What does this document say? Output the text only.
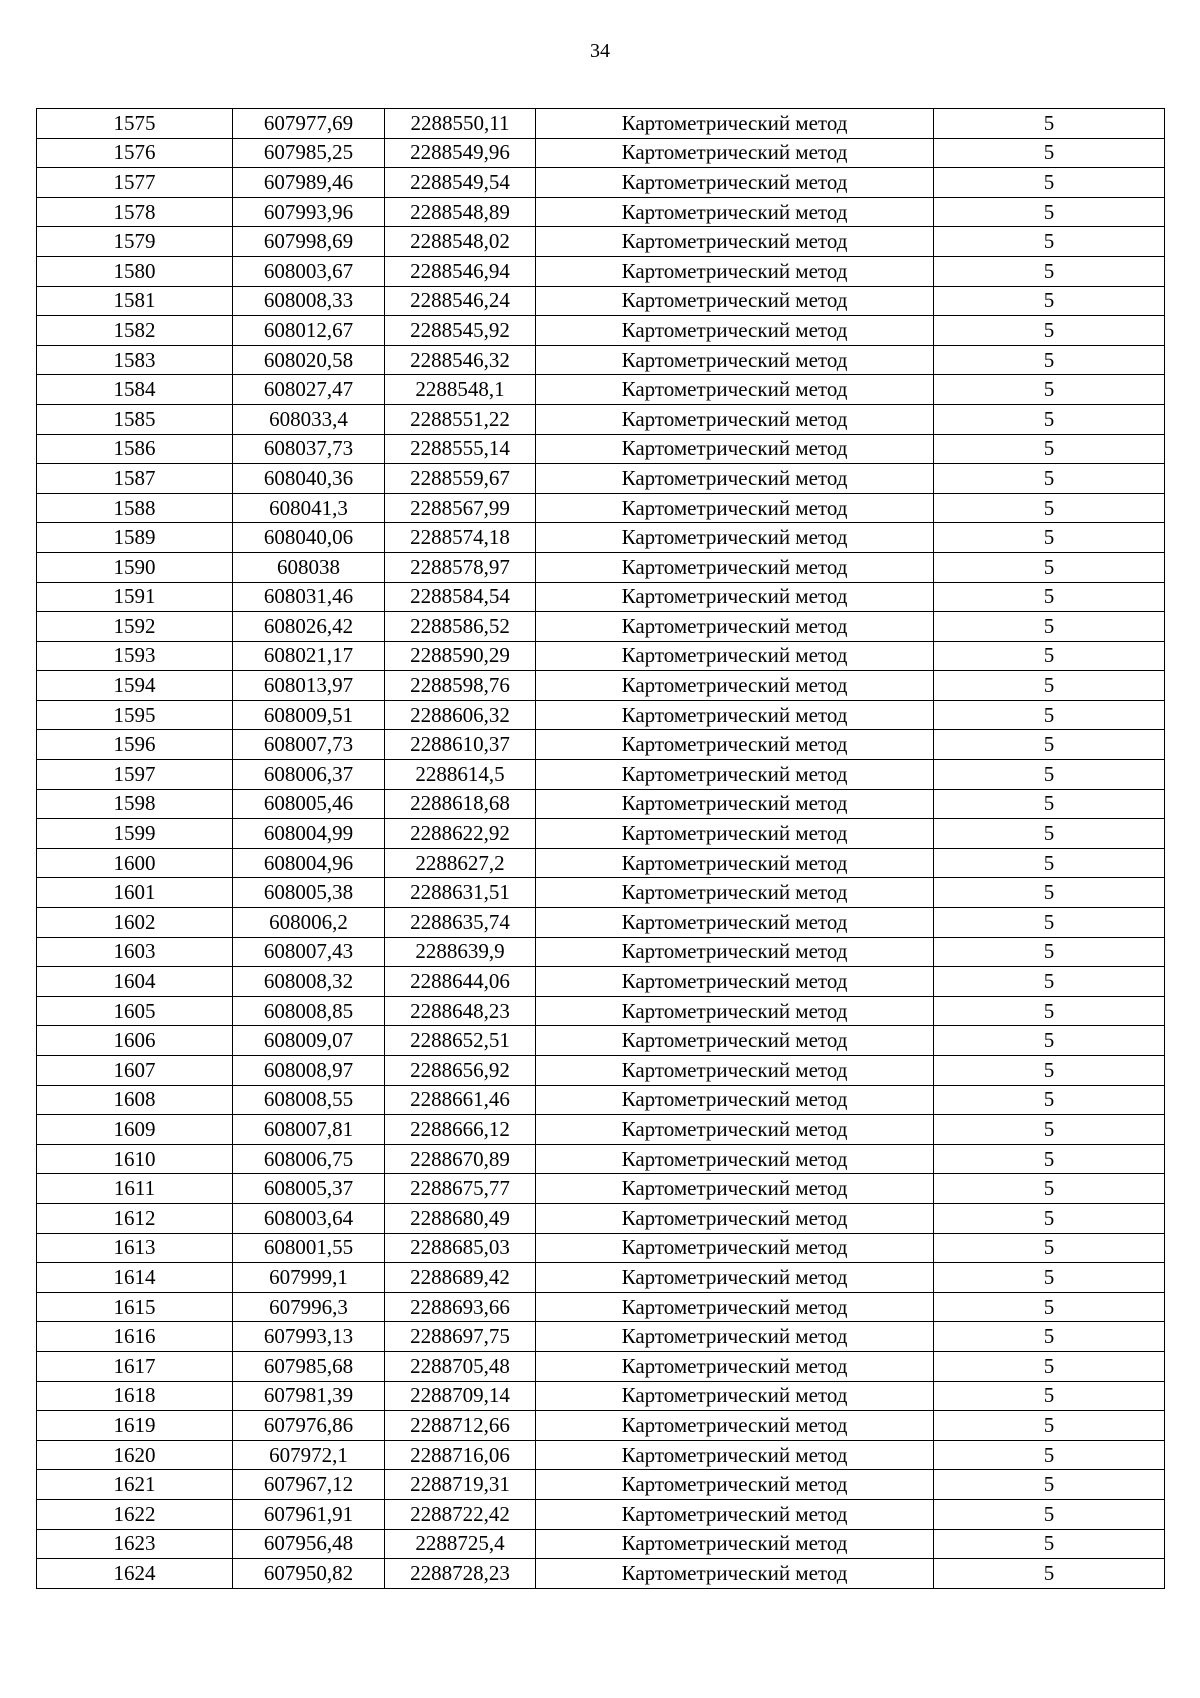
34
1575	607977,69	2288550,11	Картометрический метод	5
1576	607985,25	2288549,96	Картометрический метод	5
1577	607989,46	2288549,54	Картометрический метод	5
1578	607993,96	2288548,89	Картометрический метод	5
1579	607998,69	2288548,02	Картометрический метод	5
1580	608003,67	2288546,94	Картометрический метод	5
1581	608008,33	2288546,24	Картометрический метод	5
1582	608012,67	2288545,92	Картометрический метод	5
1583	608020,58	2288546,32	Картометрический метод	5
1584	608027,47	2288548,1	Картометрический метод	5
1585	608033,4	2288551,22	Картометрический метод	5
1586	608037,73	2288555,14	Картометрический метод	5
1587	608040,36	2288559,67	Картометрический метод	5
1588	608041,3	2288567,99	Картометрический метод	5
1589	608040,06	2288574,18	Картометрический метод	5
1590	608038	2288578,97	Картометрический метод	5
1591	608031,46	2288584,54	Картометрический метод	5
1592	608026,42	2288586,52	Картометрический метод	5
1593	608021,17	2288590,29	Картометрический метод	5
1594	608013,97	2288598,76	Картометрический метод	5
1595	608009,51	2288606,32	Картометрический метод	5
1596	608007,73	2288610,37	Картометрический метод	5
1597	608006,37	2288614,5	Картометрический метод	5
1598	608005,46	2288618,68	Картометрический метод	5
1599	608004,99	2288622,92	Картометрический метод	5
1600	608004,96	2288627,2	Картометрический метод	5
1601	608005,38	2288631,51	Картометрический метод	5
1602	608006,2	2288635,74	Картометрический метод	5
1603	608007,43	2288639,9	Картометрический метод	5
1604	608008,32	2288644,06	Картометрический метод	5
1605	608008,85	2288648,23	Картометрический метод	5
1606	608009,07	2288652,51	Картометрический метод	5
1607	608008,97	2288656,92	Картометрический метод	5
1608	608008,55	2288661,46	Картометрический метод	5
1609	608007,81	2288666,12	Картометрический метод	5
1610	608006,75	2288670,89	Картометрический метод	5
1611	608005,37	2288675,77	Картометрический метод	5
1612	608003,64	2288680,49	Картометрический метод	5
1613	608001,55	2288685,03	Картометрический метод	5
1614	607999,1	2288689,42	Картометрический метод	5
1615	607996,3	2288693,66	Картометрический метод	5
1616	607993,13	2288697,75	Картометрический метод	5
1617	607985,68	2288705,48	Картометрический метод	5
1618	607981,39	2288709,14	Картометрический метод	5
1619	607976,86	2288712,66	Картометрический метод	5
1620	607972,1	2288716,06	Картометрический метод	5
1621	607967,12	2288719,31	Картометрический метод	5
1622	607961,91	2288722,42	Картометрический метод	5
1623	607956,48	2288725,4	Картометрический метод	5
1624	607950,82	2288728,23	Картометрический метод	5
